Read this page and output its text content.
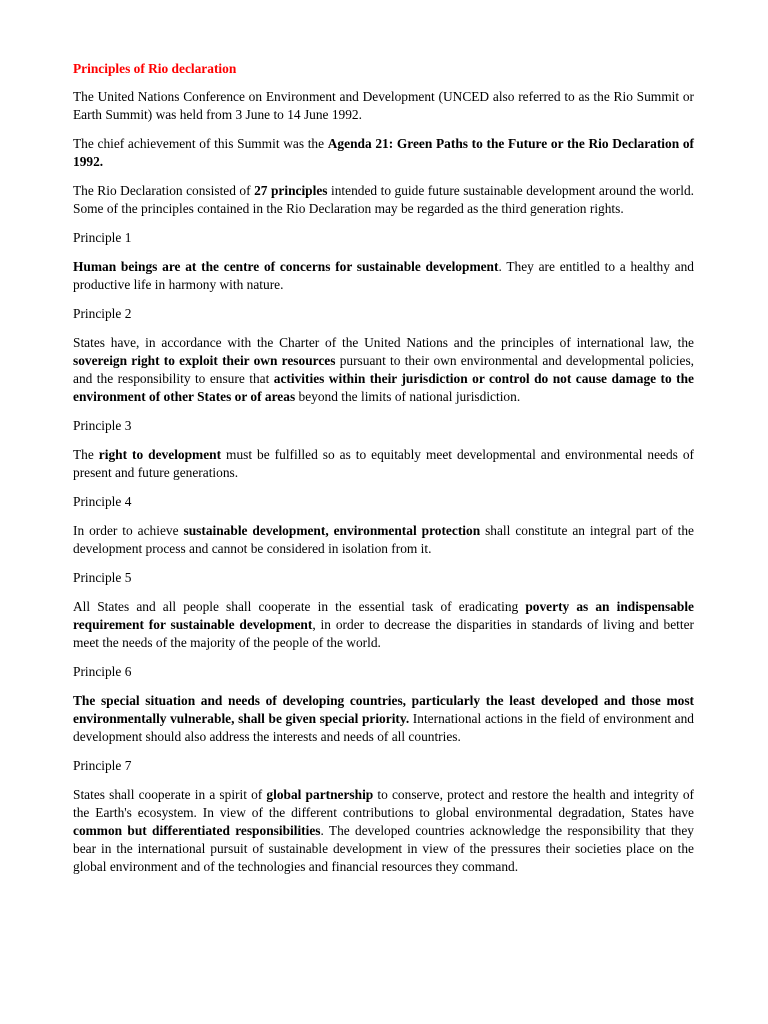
Principles of Rio declaration

The United Nations Conference on Environment and Development (UNCED also referred to as the Rio Summit or Earth Summit) was held from 3 June to 14 June 1992.

The chief achievement of this Summit was the Agenda 21: Green Paths to the Future or the Rio Declaration of 1992.

The Rio Declaration consisted of 27 principles intended to guide future sustainable development around the world. Some of the principles contained in the Rio Declaration may be regarded as the third generation rights.

Principle 1

Human beings are at the centre of concerns for sustainable development. They are entitled to a healthy and productive life in harmony with nature.

Principle 2

States have, in accordance with the Charter of the United Nations and the principles of international law, the sovereign right to exploit their own resources pursuant to their own environmental and developmental policies, and the responsibility to ensure that activities within their jurisdiction or control do not cause damage to the environment of other States or of areas beyond the limits of national jurisdiction.

Principle 3

The right to development must be fulfilled so as to equitably meet developmental and environmental needs of present and future generations.

Principle 4

In order to achieve sustainable development, environmental protection shall constitute an integral part of the development process and cannot be considered in isolation from it.

Principle 5

All States and all people shall cooperate in the essential task of eradicating poverty as an indispensable requirement for sustainable development, in order to decrease the disparities in standards of living and better meet the needs of the majority of the people of the world.

Principle 6

The special situation and needs of developing countries, particularly the least developed and those most environmentally vulnerable, shall be given special priority. International actions in the field of environment and development should also address the interests and needs of all countries.

Principle 7

States shall cooperate in a spirit of global partnership to conserve, protect and restore the health and integrity of the Earth's ecosystem. In view of the different contributions to global environmental degradation, States have common but differentiated responsibilities. The developed countries acknowledge the responsibility that they bear in the international pursuit of sustainable development in view of the pressures their societies place on the global environment and of the technologies and financial resources they command.
